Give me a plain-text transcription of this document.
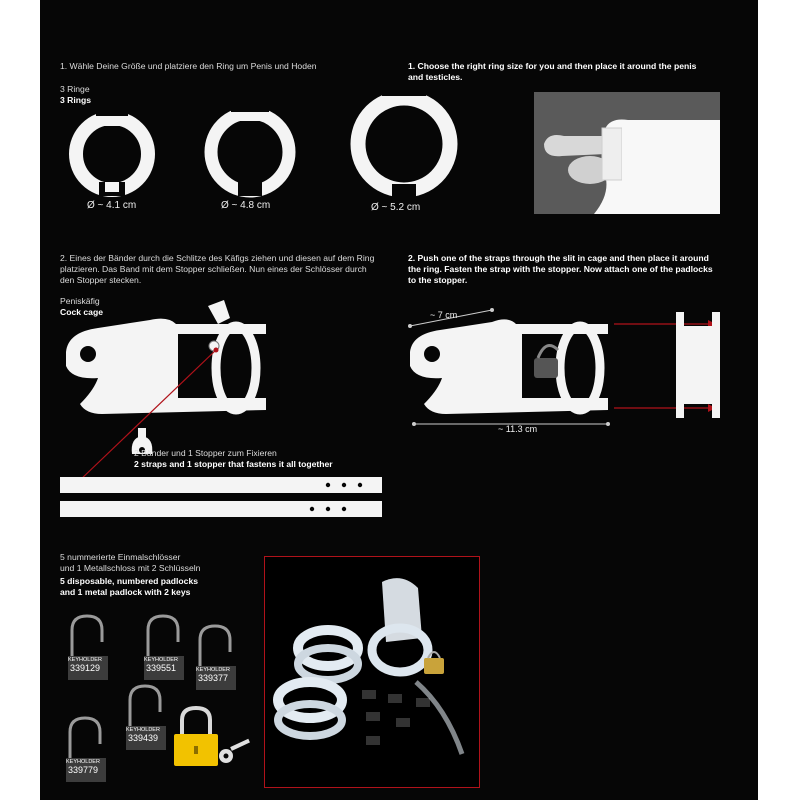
1. Wähle Deine Größe und platziere den Ring um Penis und Hoden	1. Choose the right ring size for you and then place it around the penis and testicles.
3 Ringe
3 Rings
Ø ~ 4.1 cm	Ø ~ 4.8 cm	Ø ~ 5.2 cm
2. Eines der Bänder durch die Schlitze des Käfigs ziehen und diesen auf dem Ring platzieren. Das Band mit dem Stopper schließen. Nun eines der Schlösser durch den Stopper stecken.
2. Push one of the straps through the slit in cage and then place it around the ring. Fasten the strap with the stopper. Now attach one of the padlocks to the stopper.
Peniskäfig
Cock cage
2 Bänder und 1 Stopper zum Fixieren
2 straps and 1 stopper that fastens it all together
~ 7 cm
~ 11.3 cm
5 nummerierte Einmalschlösser
und 1 Metallschloss mit 2 Schlüsseln
5 disposable, numbered padlocks
and 1 metal padlock with 2 keys
KEYHOLDER
339129
KEYHOLDER
339551	KEYHOLDER
339377
KEYHOLDER
339439
KEYHOLDER
339779
